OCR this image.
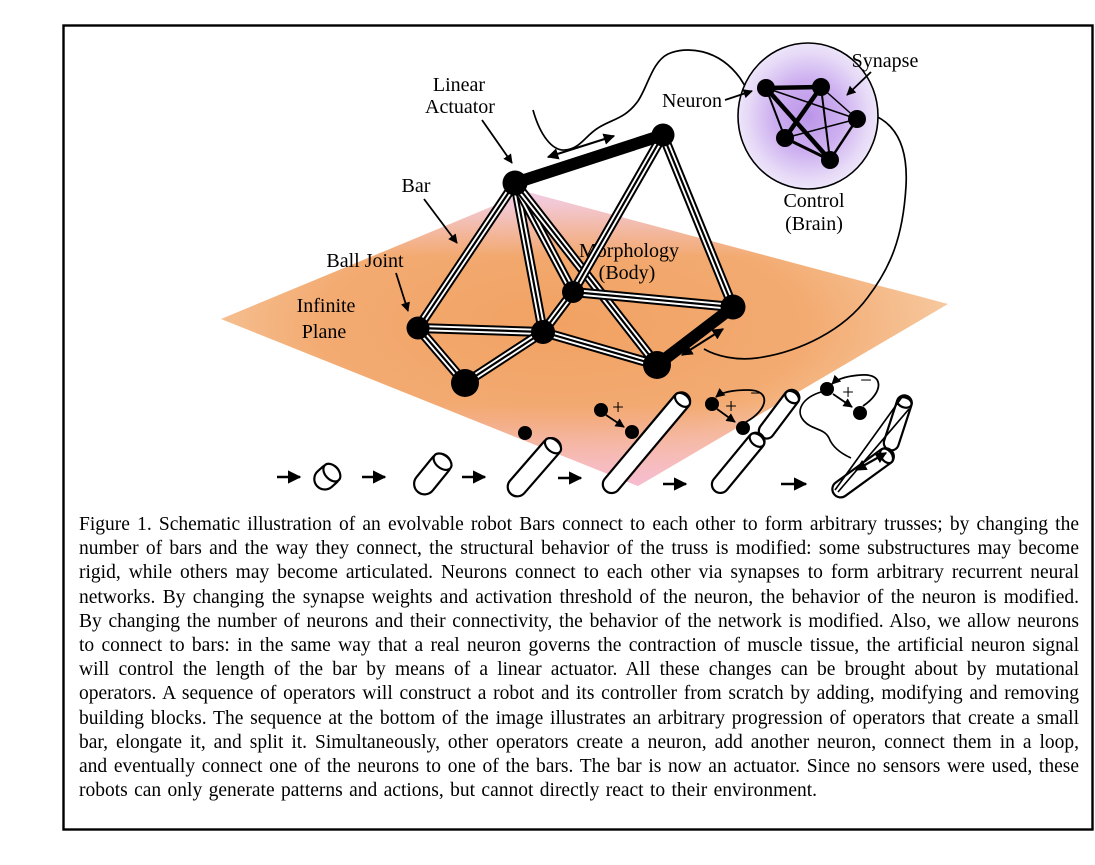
Infinite
Plane
Morphology
(Body)
Linear
Actuator
Bar
Ball Joint
Neuron
Synapse
Control
(Brain)
+	+
−	+ −
Figure 1. Schematic illustration of an evolvable robot Bars connect to each other to form arbitrary trusses; by changing the number of bars and the way they connect, the structural behavior of the truss is modified: some substructures may become rigid, while others may become articulated. Neurons connect to each other via synapses to form arbitrary recurrent neural networks. By changing the synapse weights and activation threshold of the neuron, the behavior of the neuron is modified. By changing the number of neurons and their connectivity, the behavior of the network is modified. Also, we allow neurons to connect to bars: in the same way that a real neuron governs the contraction of muscle tissue, the artificial neuron signal will control the length of the bar by means of a linear actuator. All these changes can be brought about by mutational operators. A sequence of operators will construct a robot and its controller from scratch by adding, modifying and removing building blocks. The sequence at the bottom of the image illustrates an arbitrary progression of operators that create a small bar, elongate it, and split it. Simultaneously, other operators create a neuron, add another neuron, connect them in a loop, and eventually connect one of the neurons to one of the bars. The bar is now an actuator. Since no sensors were used, these robots can only generate patterns and actions, but cannot directly react to their environment.
